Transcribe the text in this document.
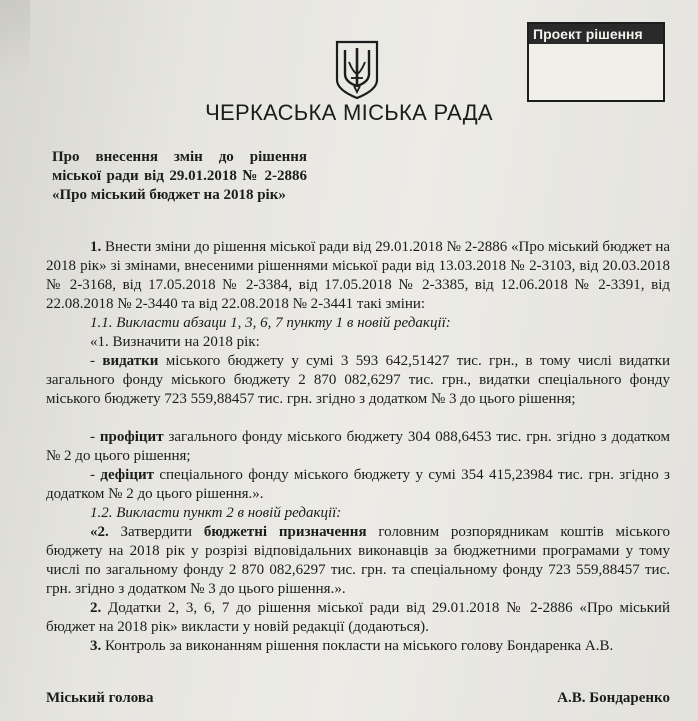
Проект рішення
ЧЕРКАСЬКА МІСЬКА РАДА
Про внесення змін до рішення міської ради від 29.01.2018 № 2-2886 «Про міський бюджет на 2018 рік»

1. Внести зміни до рішення міської ради від 29.01.2018 № 2-2886 «Про міський бюджет на 2018 рік» зі змінами, внесеними рішеннями міської ради від 13.03.2018 № 2-3103, від 20.03.2018 № 2-3168, від 17.05.2018 № 2-3384, від 17.05.2018 № 2-3385, від 12.06.2018 № 2-3391, від 22.08.2018 № 2-3440 та від 22.08.2018 № 2-3441 такі зміни:

1.1. Викласти абзаци 1, 3, 6, 7 пункту 1 в новій редакції:

«1. Визначити на 2018 рік:

- видатки міського бюджету у сумі 3 593 642,51427 тис. грн., в тому числі видатки загального фонду міського бюджету 2 870 082,6297 тис. грн., видатки спеціального фонду міського бюджету 723 559,88457 тис. грн. згідно з додатком № 3 до цього рішення;

- профіцит загального фонду міського бюджету 304 088,6453 тис. грн. згідно з додатком № 2 до цього рішення;

- дефіцит спеціального фонду міського бюджету у сумі 354 415,23984 тис. грн. згідно з додатком № 2 до цього рішення.».

1.2. Викласти пункт 2 в новій редакції:

«2. Затвердити бюджетні призначення головним розпорядникам коштів міського бюджету на 2018 рік у розрізі відповідальних виконавців за бюджетними програмами у тому числі по загальному фонду 2 870 082,6297 тис. грн. та спеціальному фонду 723 559,88457 тис. грн. згідно з додатком № 3 до цього рішення.».

2. Додатки 2, 3, 6, 7 до рішення міської ради від 29.01.2018 № 2-2886 «Про міський бюджет на 2018 рік» викласти у новій редакції (додаються).

3. Контроль за виконанням рішення покласти на міського голову Бондаренка А.В.

Міський голова	А.В. Бондаренко
